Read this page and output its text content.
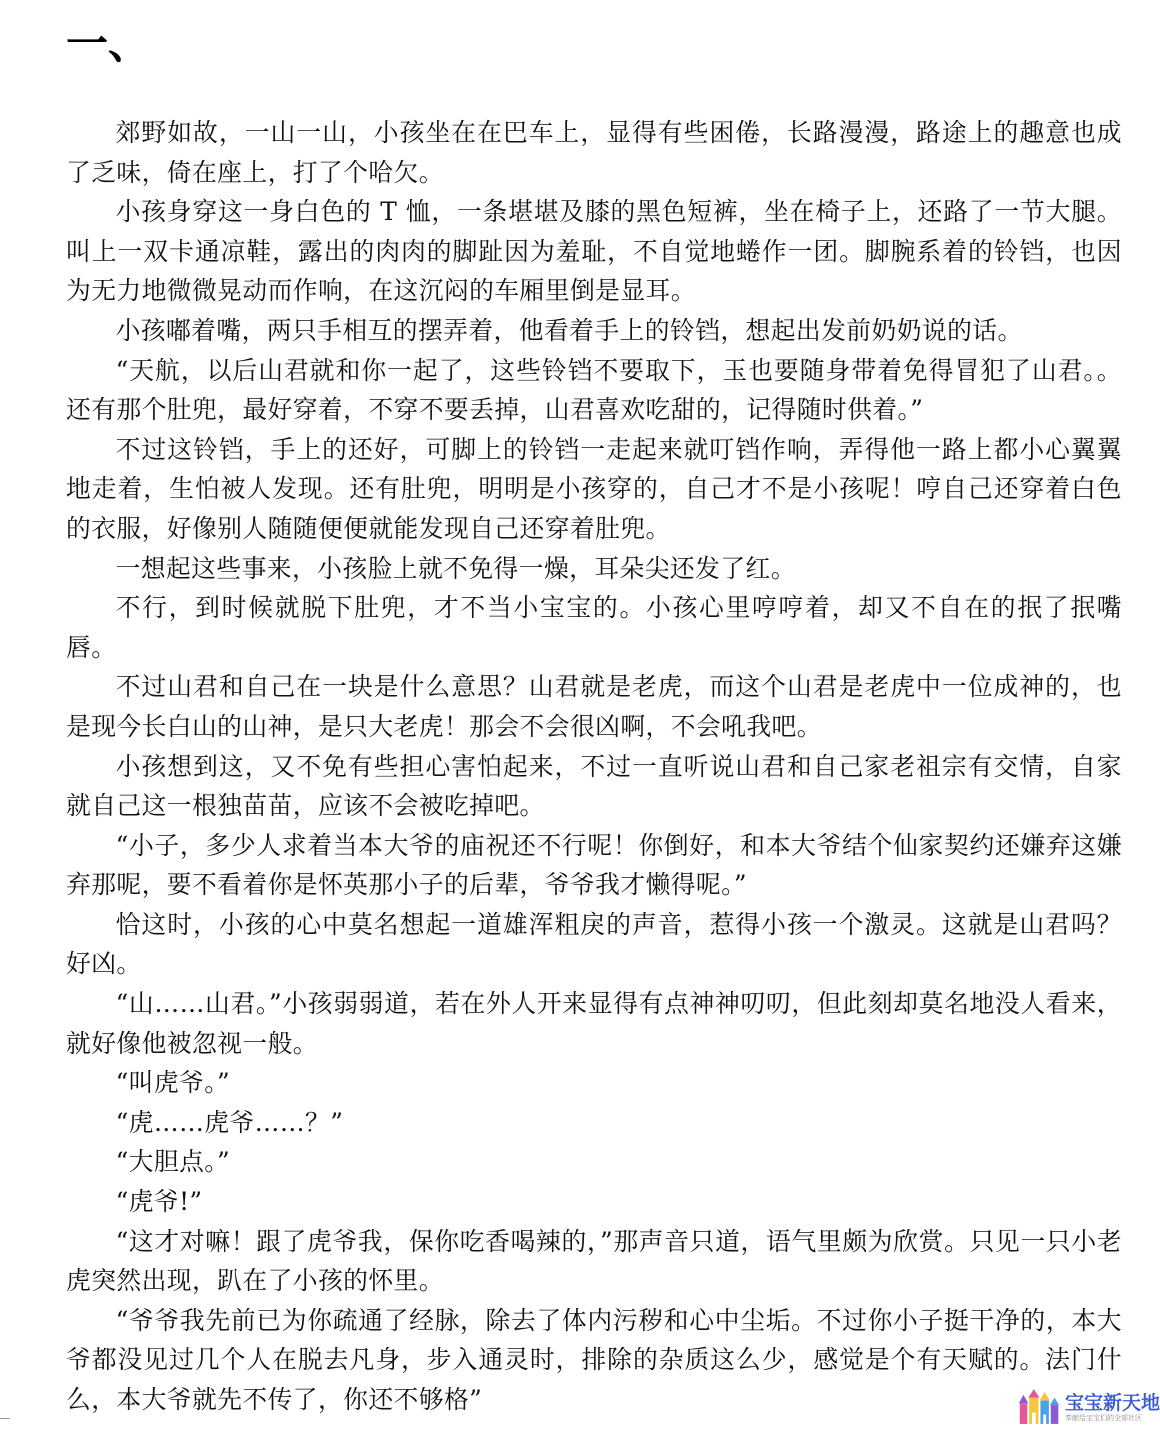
一、

郊野如故，一山一山，小孩坐在在巴车上，显得有些困倦，长路漫漫，路途上的趣意也成了乏味，倚在座上，打了个哈欠。

小孩身穿这一身白色的 T 恤，一条堪堪及膝的黑色短裤，坐在椅子上，还路了一节大腿。叫上一双卡通凉鞋，露出的肉肉的脚趾因为羞耻，不自觉地蜷作一团。脚腕系着的铃铛，也因为无力地微微晃动而作响，在这沉闷的车厢里倒是显耳。

小孩嘟着嘴，两只手相互的摆弄着，他看着手上的铃铛，想起出发前奶奶说的话。

“天航，以后山君就和你一起了，这些铃铛不要取下，玉也要随身带着免得冒犯了山君。。还有那个肚兜，最好穿着，不穿不要丢掉，山君喜欢吃甜的，记得随时供着。”

不过这铃铛，手上的还好，可脚上的铃铛一走起来就叮铛作响，弄得他一路上都小心翼翼地走着，生怕被人发现。还有肚兜，明明是小孩穿的，自己才不是小孩呢！哼自己还穿着白色的衣服，好像别人随随便便就能发现自己还穿着肚兜。

一想起这些事来，小孩脸上就不免得一燥，耳朵尖还发了红。

不行，到时候就脱下肚兜，才不当小宝宝的。小孩心里哼哼着，却又不自在的抿了抿嘴唇。

不过山君和自己在一块是什么意思？山君就是老虎，而这个山君是老虎中一位成神的，也是现今长白山的山神，是只大老虎！那会不会很凶啊，不会吼我吧。

小孩想到这，又不免有些担心害怕起来，不过一直听说山君和自己家老祖宗有交情，自家就自己这一根独苗苗，应该不会被吃掉吧。

“小子，多少人求着当本大爷的庙祝还不行呢！你倒好，和本大爷结个仙家契约还嫌弃这嫌弃那呢，要不看着你是怀英那小子的后辈，爷爷我才懒得呢。”

恰这时，小孩的心中莫名想起一道雄浑粗戾的声音，惹得小孩一个激灵。这就是山君吗？好凶。

“山……山君。”小孩弱弱道，若在外人开来显得有点神神叨叨，但此刻却莫名地没人看来，就好像他被忽视一般。

“叫虎爷。”

“虎……虎爷……？”

“大胆点。”

“虎爷!”

“这才对嘛！跟了虎爷我，保你吃香喝辣的，”那声音只道，语气里颇为欣赏。只见一只小老虎突然出现，趴在了小孩的怀里。

“爷爷我先前已为你疏通了经脉，除去了体内污秽和心中尘垢。不过你小子挺干净的，本大爷都没见过几个人在脱去凡身，步入通灵时，排除的杂质这么少，感觉是个有天赋的。法门什么，本大爷就先不传了，你还不够格”	宝宝新天地
奉献给宝宝们的全部社区
